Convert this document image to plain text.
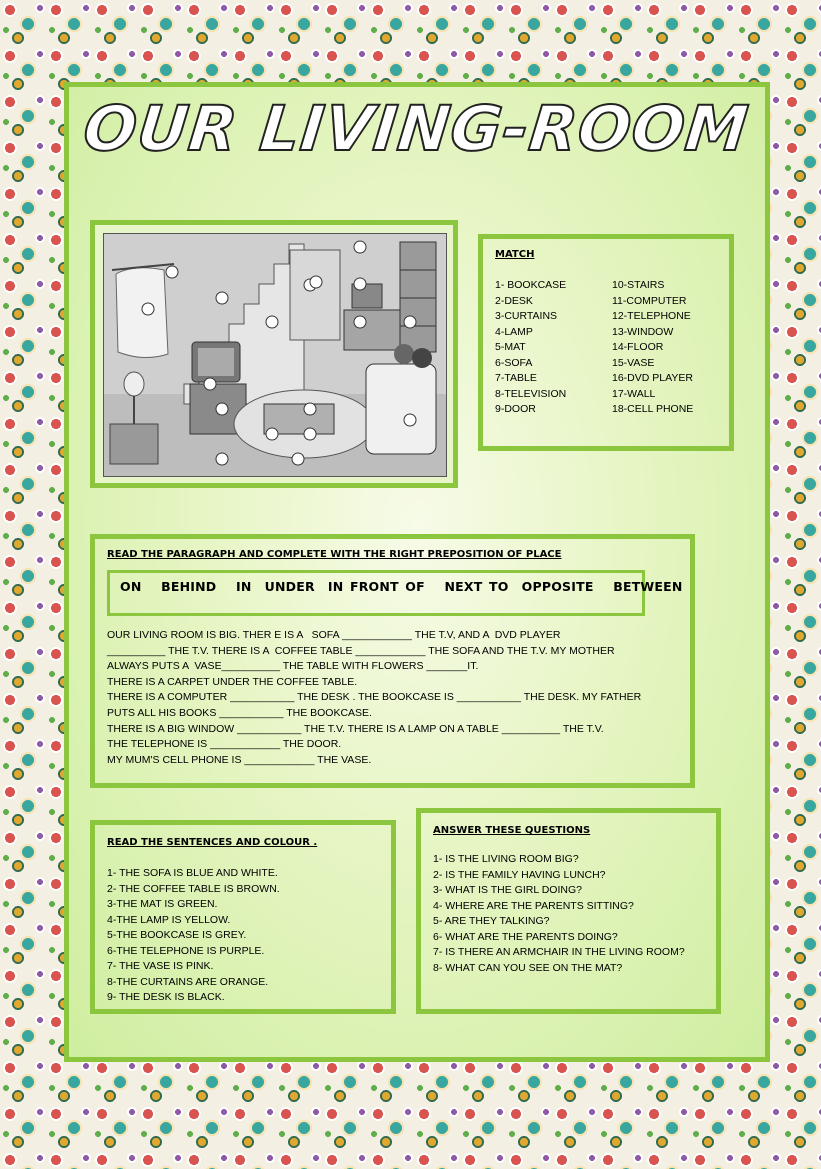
OUR LIVING-ROOM
MATCH
1- BOOKCASE
2-DESK
3-CURTAINS
4-LAMP
5-MAT
6-SOFA
7-TABLE
8-TELEVISION
9-DOOR
10-STAIRS
11-COMPUTER
12-TELEPHONE
13-WINDOW
14-FLOOR
15-VASE
16-DVD PLAYER
17-WALL
18-CELL PHONE
READ THE PARAGRAPH AND COMPLETE WITH THE RIGHT PREPOSITION OF PLACE
ON   BEHIND   IN  UNDER  IN FRONT OF   NEXT TO  OPPOSITE   BETWEEN
OUR LIVING ROOM IS BIG. THER E IS A   SOFA ____________ THE T.V, AND A  DVD PLAYER
__________ THE T.V. THERE IS A  COFFEE TABLE ____________ THE SOFA AND THE T.V. MY MOTHER
ALWAYS PUTS A  VASE__________ THE TABLE WITH FLOWERS _______IT.
THERE IS A CARPET UNDER THE COFFEE TABLE.
THERE IS A COMPUTER ___________ THE DESK . THE BOOKCASE IS ___________ THE DESK. MY FATHER
PUTS ALL HIS BOOKS ___________ THE BOOKCASE.
THERE IS A BIG WINDOW ___________ THE T.V. THERE IS A LAMP ON A TABLE __________ THE T.V.
THE TELEPHONE IS ____________ THE DOOR.
MY MUM'S CELL PHONE IS ____________ THE VASE.
READ THE SENTENCES AND COLOUR .
1- THE SOFA IS BLUE AND WHITE.
2- THE COFFEE TABLE IS BROWN.
3-THE MAT IS GREEN.
4-THE LAMP IS YELLOW.
5-THE BOOKCASE IS GREY.
6-THE TELEPHONE IS PURPLE.
7- THE VASE IS PINK.
8-THE CURTAINS ARE ORANGE.
9- THE DESK IS BLACK.
ANSWER THESE QUESTIONS
1- IS THE LIVING ROOM BIG?
2- IS THE FAMILY HAVING LUNCH?
3- WHAT IS THE GIRL DOING?
4- WHERE ARE THE PARENTS SITTING?
5- ARE THEY TALKING?
6- WHAT ARE THE PARENTS DOING?
7- IS THERE AN ARMCHAIR IN THE LIVING ROOM?
8- WHAT CAN YOU SEE ON THE MAT?
